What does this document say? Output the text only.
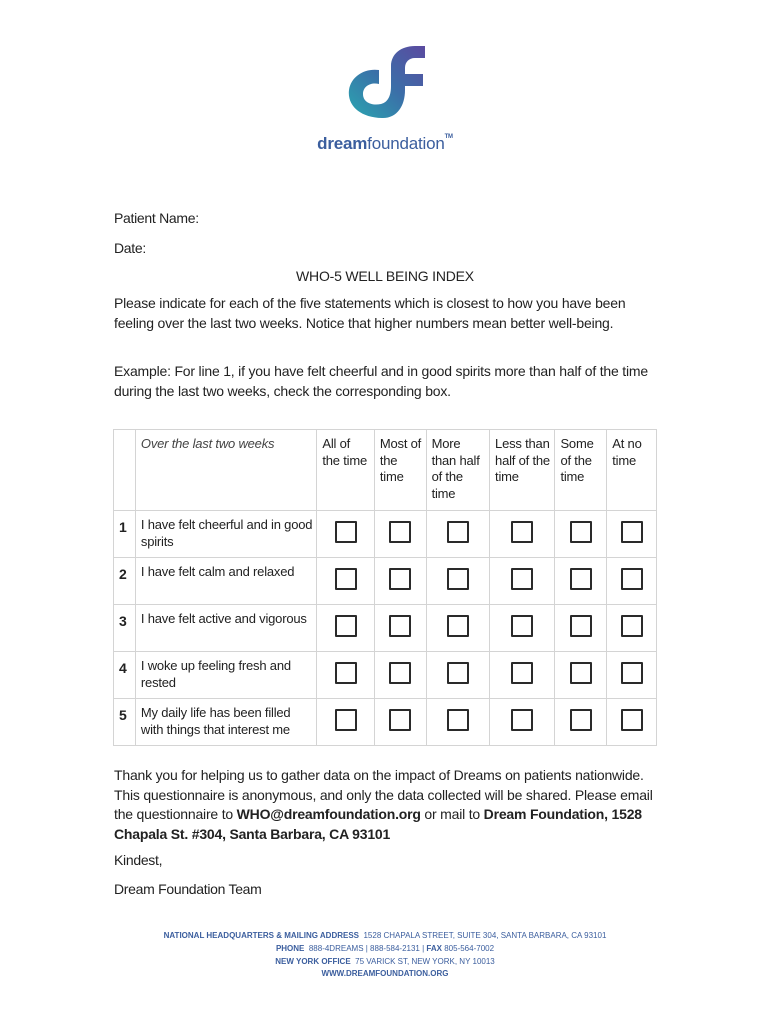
dreamfoundation™
Patient Name:
Date:
WHO-5 WELL BEING INDEX

Please indicate for each of the five statements which is closest to how you have been feeling over the last two weeks. Notice that higher numbers mean better well-being.

Example: For line 1, if you have felt cheerful and in good spirits more than half of the time during the last two weeks, check the corresponding box.

	Over the last two weeks	All of the time	Most of the time	More than half of the time	Less than half of the time	Some of the time	At no time
1	I have felt cheerful and in good spirits						
2	I have felt calm and relaxed						
3	I have felt active and vigorous						
4	I woke up feeling fresh and rested						
5	My daily life has been filled with things that interest me						

Thank you for helping us to gather data on the impact of Dreams on patients nationwide. This questionnaire is anonymous, and only the data collected will be shared. Please email the questionnaire to WHO@dreamfoundation.org or mail to Dream Foundation, 1528 Chapala St. #304, Santa Barbara, CA 93101

Kindest,
Dream Foundation Team
NATIONAL HEADQUARTERS & MAILING ADDRESS 1528 CHAPALA STREET, SUITE 304, SANTA BARBARA, CA 93101
PHONE 888-4DREAMS | 888-584-2131 | FAX 805-564-7002
NEW YORK OFFICE 75 VARICK ST, NEW YORK, NY 10013
WWW.DREAMFOUNDATION.ORG
